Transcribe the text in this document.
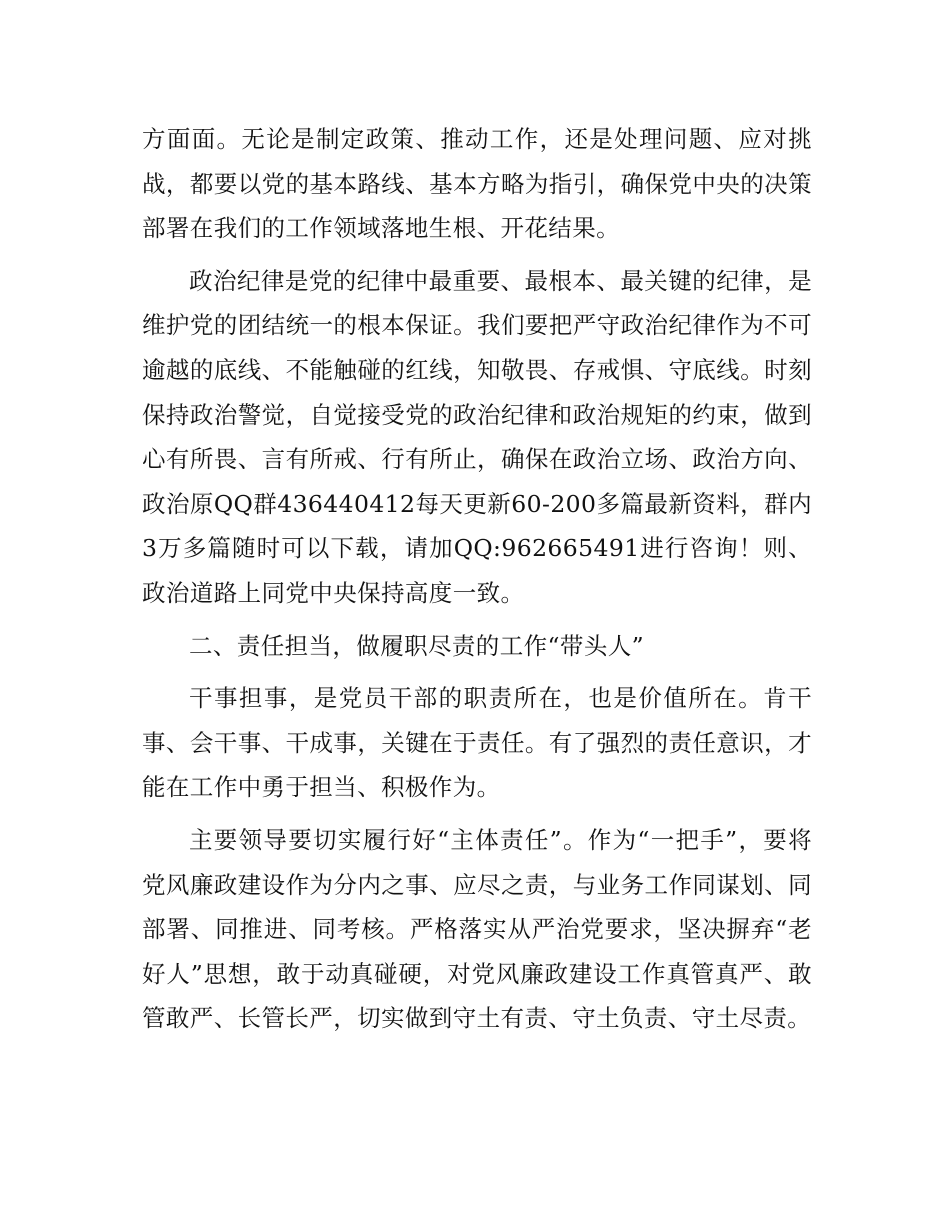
方面面。无论是制定政策、推动工作，还是处理问题、应对挑战，都要以党的基本路线、基本方略为指引，确保党中央的决策部署在我们的工作领域落地生根、开花结果。

政治纪律是党的纪律中最重要、最根本、最关键的纪律，是维护党的团结统一的根本保证。我们要把严守政治纪律作为不可逾越的底线、不能触碰的红线，知敬畏、存戒惧、守底线。时刻保持政治警觉，自觉接受党的政治纪律和政治规矩的约束，做到心有所畏、言有所戒、行有所止，确保在政治立场、政治方向、政治原QQ群436440412每天更新60-200多篇最新资料，群内3万多篇随时可以下载，请加QQ:962665491进行咨询！则、政治道路上同党中央保持高度一致。

二、责任担当，做履职尽责的工作“带头人”

干事担事，是党员干部的职责所在，也是价值所在。肯干事、会干事、干成事，关键在于责任。有了强烈的责任意识，才能在工作中勇于担当、积极作为。

主要领导要切实履行好“主体责任”。作为“一把手”，要将党风廉政建设作为分内之事、应尽之责，与业务工作同谋划、同部署、同推进、同考核。严格落实从严治党要求，坚决摒弃“老好人”思想，敢于动真碰硬，对党风廉政建设工作真管真严、敢管敢严、长管长严，切实做到守土有责、守土负责、守土尽责。
